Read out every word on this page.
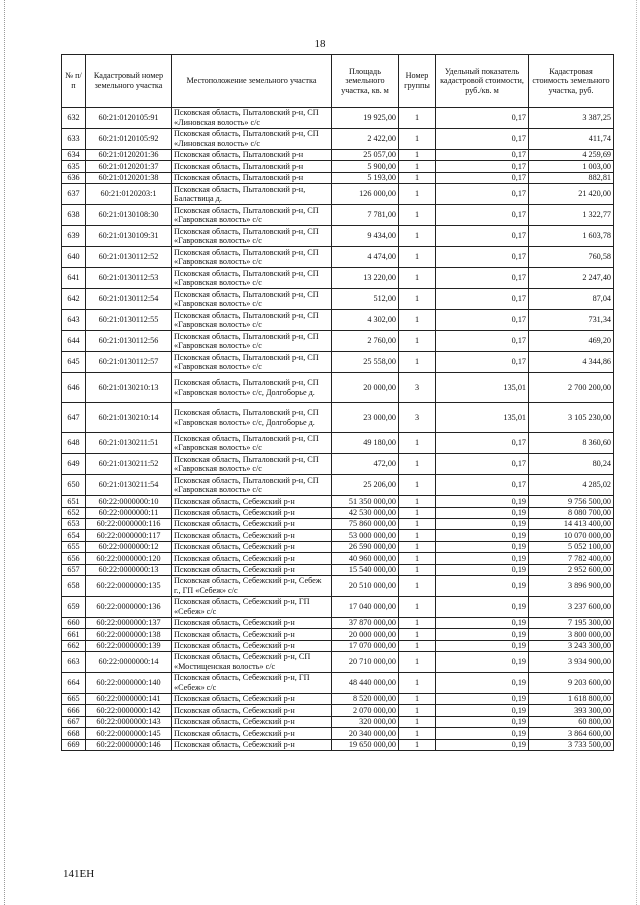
18
№ п/п	Кадастровый номер земельного участка	Местоположение земельного участка	Площадь земельного участка, кв. м	Номер группы	Удельный показатель кадастровой стоимости, руб./кв. м	Кадастровая стоимость земельного участка, руб.
632	60:21:0120105:91	Псковская область, Пыталовский р-н, СП «Линовская волость» с/с	19 925,00	1	0,17	3 387,25
633	60:21:0120105:92	Псковская область, Пыталовский р-н, СП «Линовская волость» с/с	2 422,00	1	0,17	411,74
634	60:21:0120201:36	Псковская область, Пыталовский р-н	25 057,00	1	0,17	4 259,69
635	60:21:0120201:37	Псковская область, Пыталовский р-н	5 900,00	1	0,17	1 003,00
636	60:21:0120201:38	Псковская область, Пыталовский р-н	5 193,00	1	0,17	882,81
637	60:21:0120203:1	Псковская область, Пыталовский р-н, Баластвица д.	126 000,00	1	0,17	21 420,00
638	60:21:0130108:30	Псковская область, Пыталовский р-н, СП «Гавровская волость» с/с	7 781,00	1	0,17	1 322,77
639	60:21:0130109:31	Псковская область, Пыталовский р-н, СП «Гавровская волость» с/с	9 434,00	1	0,17	1 603,78
640	60:21:0130112:52	Псковская область, Пыталовский р-н, СП «Гавровская волость» с/с	4 474,00	1	0,17	760,58
641	60:21:0130112:53	Псковская область, Пыталовский р-н, СП «Гавровская волость» с/с	13 220,00	1	0,17	2 247,40
642	60:21:0130112:54	Псковская область, Пыталовский р-н, СП «Гавровская волость» с/с	512,00	1	0,17	87,04
643	60:21:0130112:55	Псковская область, Пыталовский р-н, СП «Гавровская волость» с/с	4 302,00	1	0,17	731,34
644	60:21:0130112:56	Псковская область, Пыталовский р-н, СП «Гавровская волость» с/с	2 760,00	1	0,17	469,20
645	60:21:0130112:57	Псковская область, Пыталовский р-н, СП «Гавровская волость» с/с	25 558,00	1	0,17	4 344,86
646	60:21:0130210:13	Псковская область, Пыталовский р-н, СП «Гавровская волость» с/с, Долгоборье д.	20 000,00	3	135,01	2 700 200,00
647	60:21:0130210:14	Псковская область, Пыталовский р-н, СП «Гавровская волость» с/с, Долгоборье д.	23 000,00	3	135,01	3 105 230,00
648	60:21:0130211:51	Псковская область, Пыталовский р-н, СП «Гавровская волость» с/с	49 180,00	1	0,17	8 360,60
649	60:21:0130211:52	Псковская область, Пыталовский р-н, СП «Гавровская волость» с/с	472,00	1	0,17	80,24
650	60:21:0130211:54	Псковская область, Пыталовский р-н, СП «Гавровская волость» с/с	25 206,00	1	0,17	4 285,02
651	60:22:0000000:10	Псковская область, Себежский р-н	51 350 000,00	1	0,19	9 756 500,00
652	60:22:0000000:11	Псковская область, Себежский р-н	42 530 000,00	1	0,19	8 080 700,00
653	60:22:0000000:116	Псковская область, Себежский р-н	75 860 000,00	1	0,19	14 413 400,00
654	60:22:0000000:117	Псковская область, Себежский р-н	53 000 000,00	1	0,19	10 070 000,00
655	60:22:0000000:12	Псковская область, Себежский р-н	26 590 000,00	1	0,19	5 052 100,00
656	60:22:0000000:120	Псковская область, Себежский р-н	40 960 000,00	1	0,19	7 782 400,00
657	60:22:0000000:13	Псковская область, Себежский р-н	15 540 000,00	1	0,19	2 952 600,00
658	60:22:0000000:135	Псковская область, Себежский р-н, Себеж г., ГП «Себеж» с/с	20 510 000,00	1	0,19	3 896 900,00
659	60:22:0000000:136	Псковская область, Себежский р-н, ГП «Себеж» с/с	17 040 000,00	1	0,19	3 237 600,00
660	60:22:0000000:137	Псковская область, Себежский р-н	37 870 000,00	1	0,19	7 195 300,00
661	60:22:0000000:138	Псковская область, Себежский р-н	20 000 000,00	1	0,19	3 800 000,00
662	60:22:0000000:139	Псковская область, Себежский р-н	17 070 000,00	1	0,19	3 243 300,00
663	60:22:0000000:14	Псковская область, Себежский р-н, СП «Мостищенская волость» с/с	20 710 000,00	1	0,19	3 934 900,00
664	60:22:0000000:140	Псковская область, Себежский р-н, ГП «Себеж» с/с	48 440 000,00	1	0,19	9 203 600,00
665	60:22:0000000:141	Псковская область, Себежский р-н	8 520 000,00	1	0,19	1 618 800,00
666	60:22:0000000:142	Псковская область, Себежский р-н	2 070 000,00	1	0,19	393 300,00
667	60:22:0000000:143	Псковская область, Себежский р-н	320 000,00	1	0,19	60 800,00
668	60:22:0000000:145	Псковская область, Себежский р-н	20 340 000,00	1	0,19	3 864 600,00
669	60:22:0000000:146	Псковская область, Себежский р-н	19 650 000,00	1	0,19	3 733 500,00
141ЕН
